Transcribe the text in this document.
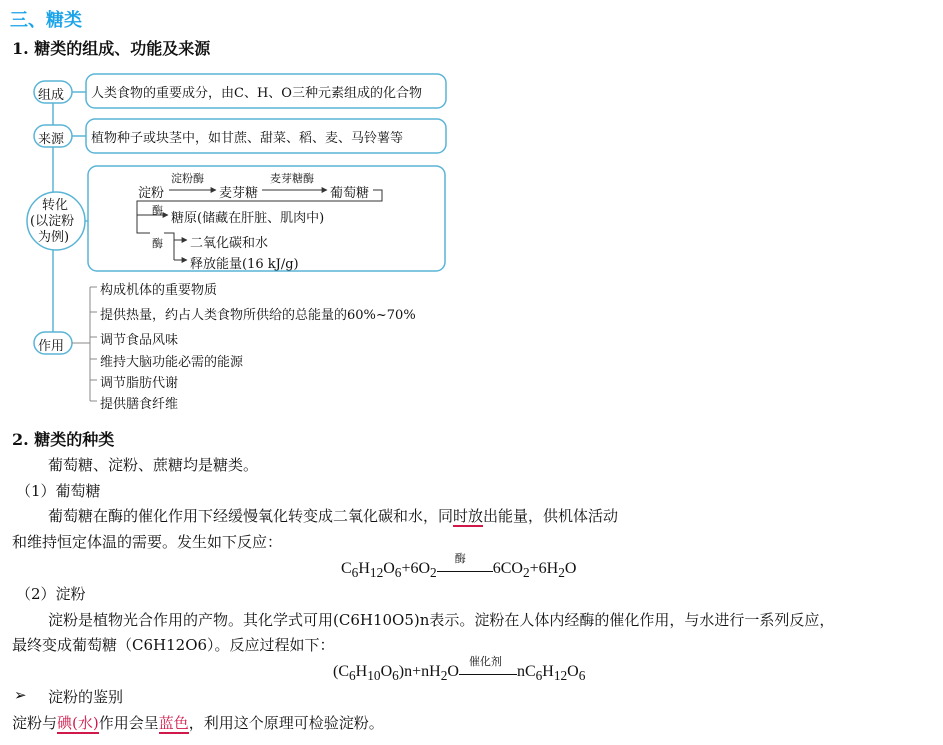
三、糖类
1. 糖类的组成、功能及来源
组成
来源
转化
(以淀粉
为例)
作用
人类食物的重要成分，由C、H、O三种元素组成的化合物
植物种子或块茎中，如甘蔗、甜菜、稻、麦、马铃薯等
淀粉
淀粉酶
麦芽糖
麦芽糖酶
葡萄糖
酶
糖原(储藏在肝脏、肌肉中)
酶 二氧化碳和水
释放能量(16 kJ/g)
构成机体的重要物质
提供热量，约占人类食物所供给的总能量的60%~70%
调节食品风味
维持大脑功能必需的能源
调节脂肪代谢
提供膳食纤维
2. 糖类的种类
葡萄糖、淀粉、蔗糖均是糖类。
（1）葡萄糖
葡萄糖在酶的催化作用下经缓慢氧化转变成二氧化碳和水，同时放出能量，供机体活动
和维持恒定体温的需要。发生如下反应：
$C_6H_{12}O_6+6O_2$
酶
$6CO_2+6H_2O$
（2）淀粉
淀粉是植物光合作用的产物。其化学式可用(C6H10O5)n表示。淀粉在人体内经酶的催化作用，与水进行一系列反应，
最终变成葡萄糖（C6H12O6）。反应过程如下：
$(C_6H_{10}O_6)n+nH_2O$
催化剂
$nC_6H_{12}O_6$
➢ 淀粉的鉴别
淀粉与碘(水)作用会呈蓝色，利用这个原理可检验淀粉。
